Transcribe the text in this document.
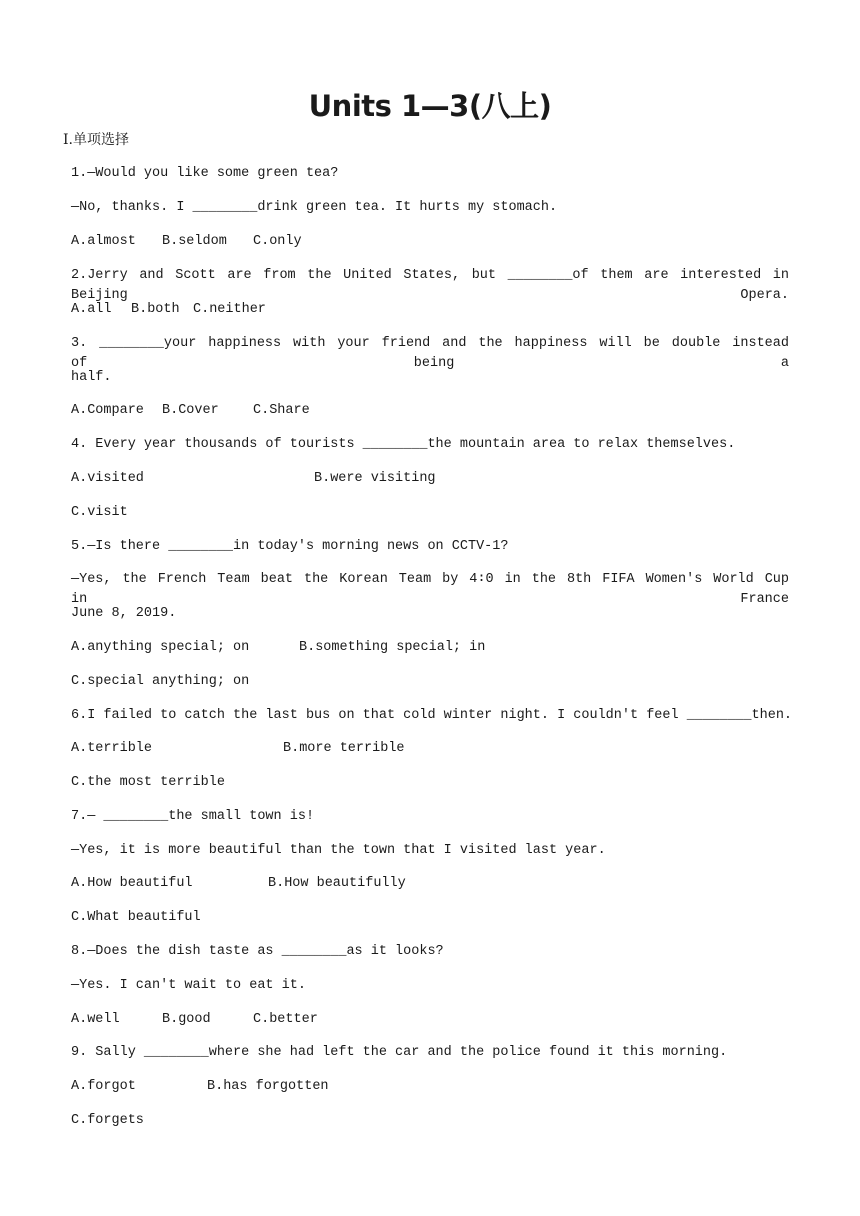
Units 1—3(八上)
Ⅰ.单项选择
1.—Would you like some green tea?
—No, thanks. I ________drink green tea. It hurts my stomach.
A.almost B.seldom C.only
2.Jerry and Scott are from the United States, but ________of them are interested in Beijing Opera.
A.all B.both C.neither
3. ________your happiness with your friend and the happiness will be double instead of being a
half.
A.Compare B.Cover	C.Share
4. Every year thousands of tourists ________the mountain area to relax themselves.
A.visited	B.were visiting
C.visit
5.—Is there ________in today's morning news on CCTV-1?
—Yes, the French Team beat the Korean Team by 4∶0 in the 8th FIFA Women's World Cup in France
June 8, 2019.
A.anything special; on	B.something special; in
C.special anything; on
6.I failed to catch the last bus on that cold winter night. I couldn't feel ________then.
A.terrible	B.more terrible
C.the most terrible
7.— ________the small town is!
—Yes, it is more beautiful than the town that I visited last year.
A.How beautiful	B.How beautifully
C.What beautiful
8.—Does the dish taste as ________as it looks?
—Yes. I can't wait to eat it.
A.well	B.good	C.better
9. Sally ________where she had left the car and the police found it this morning.
A.forgot	B.has forgotten
C.forgets
